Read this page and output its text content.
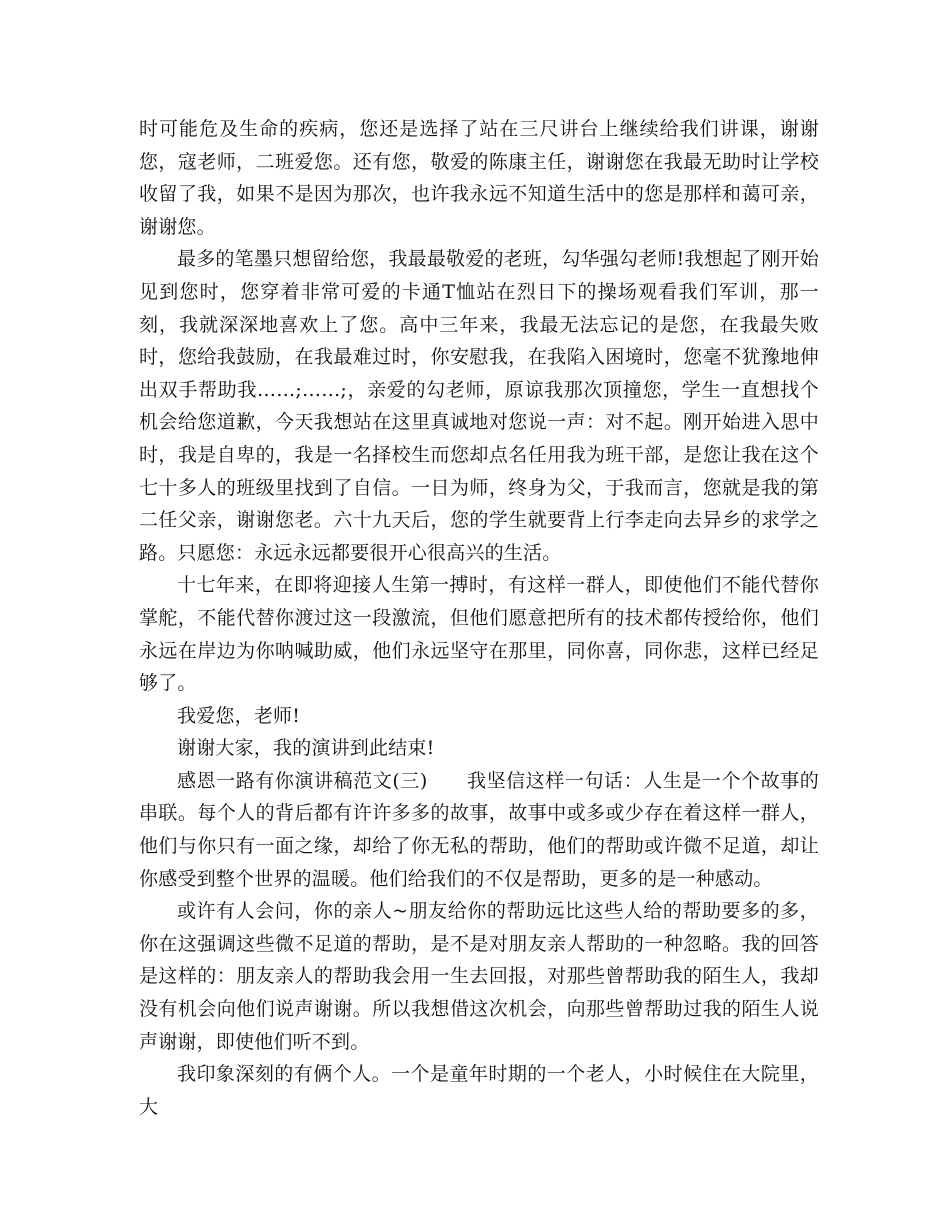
时可能危及生命的疾病，您还是选择了站在三尺讲台上继续给我们讲课，谢谢您，寇老师，二班爱您。还有您，敬爱的陈康主任，谢谢您在我最无助时让学校收留了我，如果不是因为那次，也许我永远不知道生活中的您是那样和蔼可亲，谢谢您。

最多的笔墨只想留给您，我最最敬爱的老班，勾华强勾老师!我想起了刚开始见到您时，您穿着非常可爱的卡通T恤站在烈日下的操场观看我们军训，那一刻，我就深深地喜欢上了您。高中三年来，我最无法忘记的是您，在我最失败时，您给我鼓励，在我最难过时，你安慰我，在我陷入困境时，您毫不犹豫地伸出双手帮助我……;……;，亲爱的勾老师，原谅我那次顶撞您，学生一直想找个机会给您道歉，今天我想站在这里真诚地对您说一声：对不起。刚开始进入思中时，我是自卑的，我是一名择校生而您却点名任用我为班干部，是您让我在这个七十多人的班级里找到了自信。一日为师，终身为父，于我而言，您就是我的第二任父亲，谢谢您老。六十九天后，您的学生就要背上行李走向去异乡的求学之路。只愿您：永远永远都要很开心很高兴的生活。

十七年来，在即将迎接人生第一搏时，有这样一群人，即使他们不能代替你掌舵，不能代替你渡过这一段激流，但他们愿意把所有的技术都传授给你，他们永远在岸边为你呐喊助威，他们永远坚守在那里，同你喜，同你悲，这样已经足够了。

我爱您，老师!

谢谢大家，我的演讲到此结束!

感恩一路有你演讲稿范文(三)　　我坚信这样一句话：人生是一个个故事的串联。每个人的背后都有许许多多的故事，故事中或多或少存在着这样一群人，他们与你只有一面之缘，却给了你无私的帮助，他们的帮助或许微不足道，却让你感受到整个世界的温暖。他们给我们的不仅是帮助，更多的是一种感动。

或许有人会问，你的亲人~朋友给你的帮助远比这些人给的帮助要多的多，你在这强调这些微不足道的帮助，是不是对朋友亲人帮助的一种忽略。我的回答是这样的：朋友亲人的帮助我会用一生去回报，对那些曾帮助我的陌生人，我却没有机会向他们说声谢谢。所以我想借这次机会，向那些曾帮助过我的陌生人说声谢谢，即使他们听不到。

我印象深刻的有俩个人。一个是童年时期的一个老人，小时候住在大院里，大
